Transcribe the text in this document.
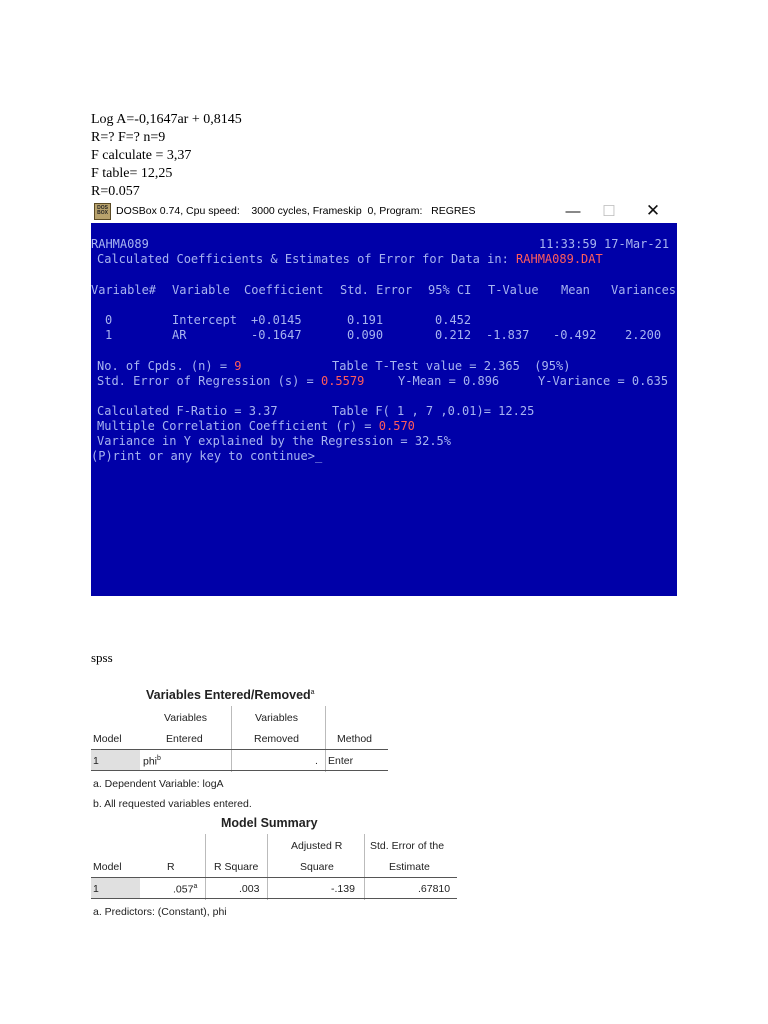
Log A=-0,1647ar + 0,8145
R=? F=? n=9
F calculate = 3,37
F table= 12,25
R=0.057
DOS BOX DOSBox 0.74, Cpu speed:    3000 cycles, Frameskip  0, Program:   REGRES	—	☐	✕
RAHMA089	11:33:59 17-Mar-21
Calculated Coefficients & Estimates of Error for Data in: RAHMA089.DAT
Variable# Variable Coefficient Std. Error 95% CI T-Value Mean Variances
0	Intercept +0.0145	0.191	0.452
1	AR	-0.1647	0.090	0.212 -1.837 -0.492 2.200
No. of Cpds. (n) = 9	Table T-Test value = 2.365  (95%)
Std. Error of Regression (s) = 0.5579	Y-Mean = 0.896	Y-Variance = 0.635
Calculated F-Ratio = 3.37	Table F( 1 , 7 ,0.01)= 12.25
Multiple Correlation Coefficient (r) = 0.570
Variance in Y explained by the Regression = 32.5%
(P)rint or any key to continue>_
spss
Variables Entered/Removed$^a$
Variables	Variables
Model	Entered	Removed	Method
1	phi$^b$	. Enter
a. Dependent Variable: logA
b. All requested variables entered.
Model Summary
Adjusted R	Std. Error of the
Model	R	R Square	Square	Estimate
1	.057$^a$	.003	-.139	.67810
a. Predictors: (Constant), phi
